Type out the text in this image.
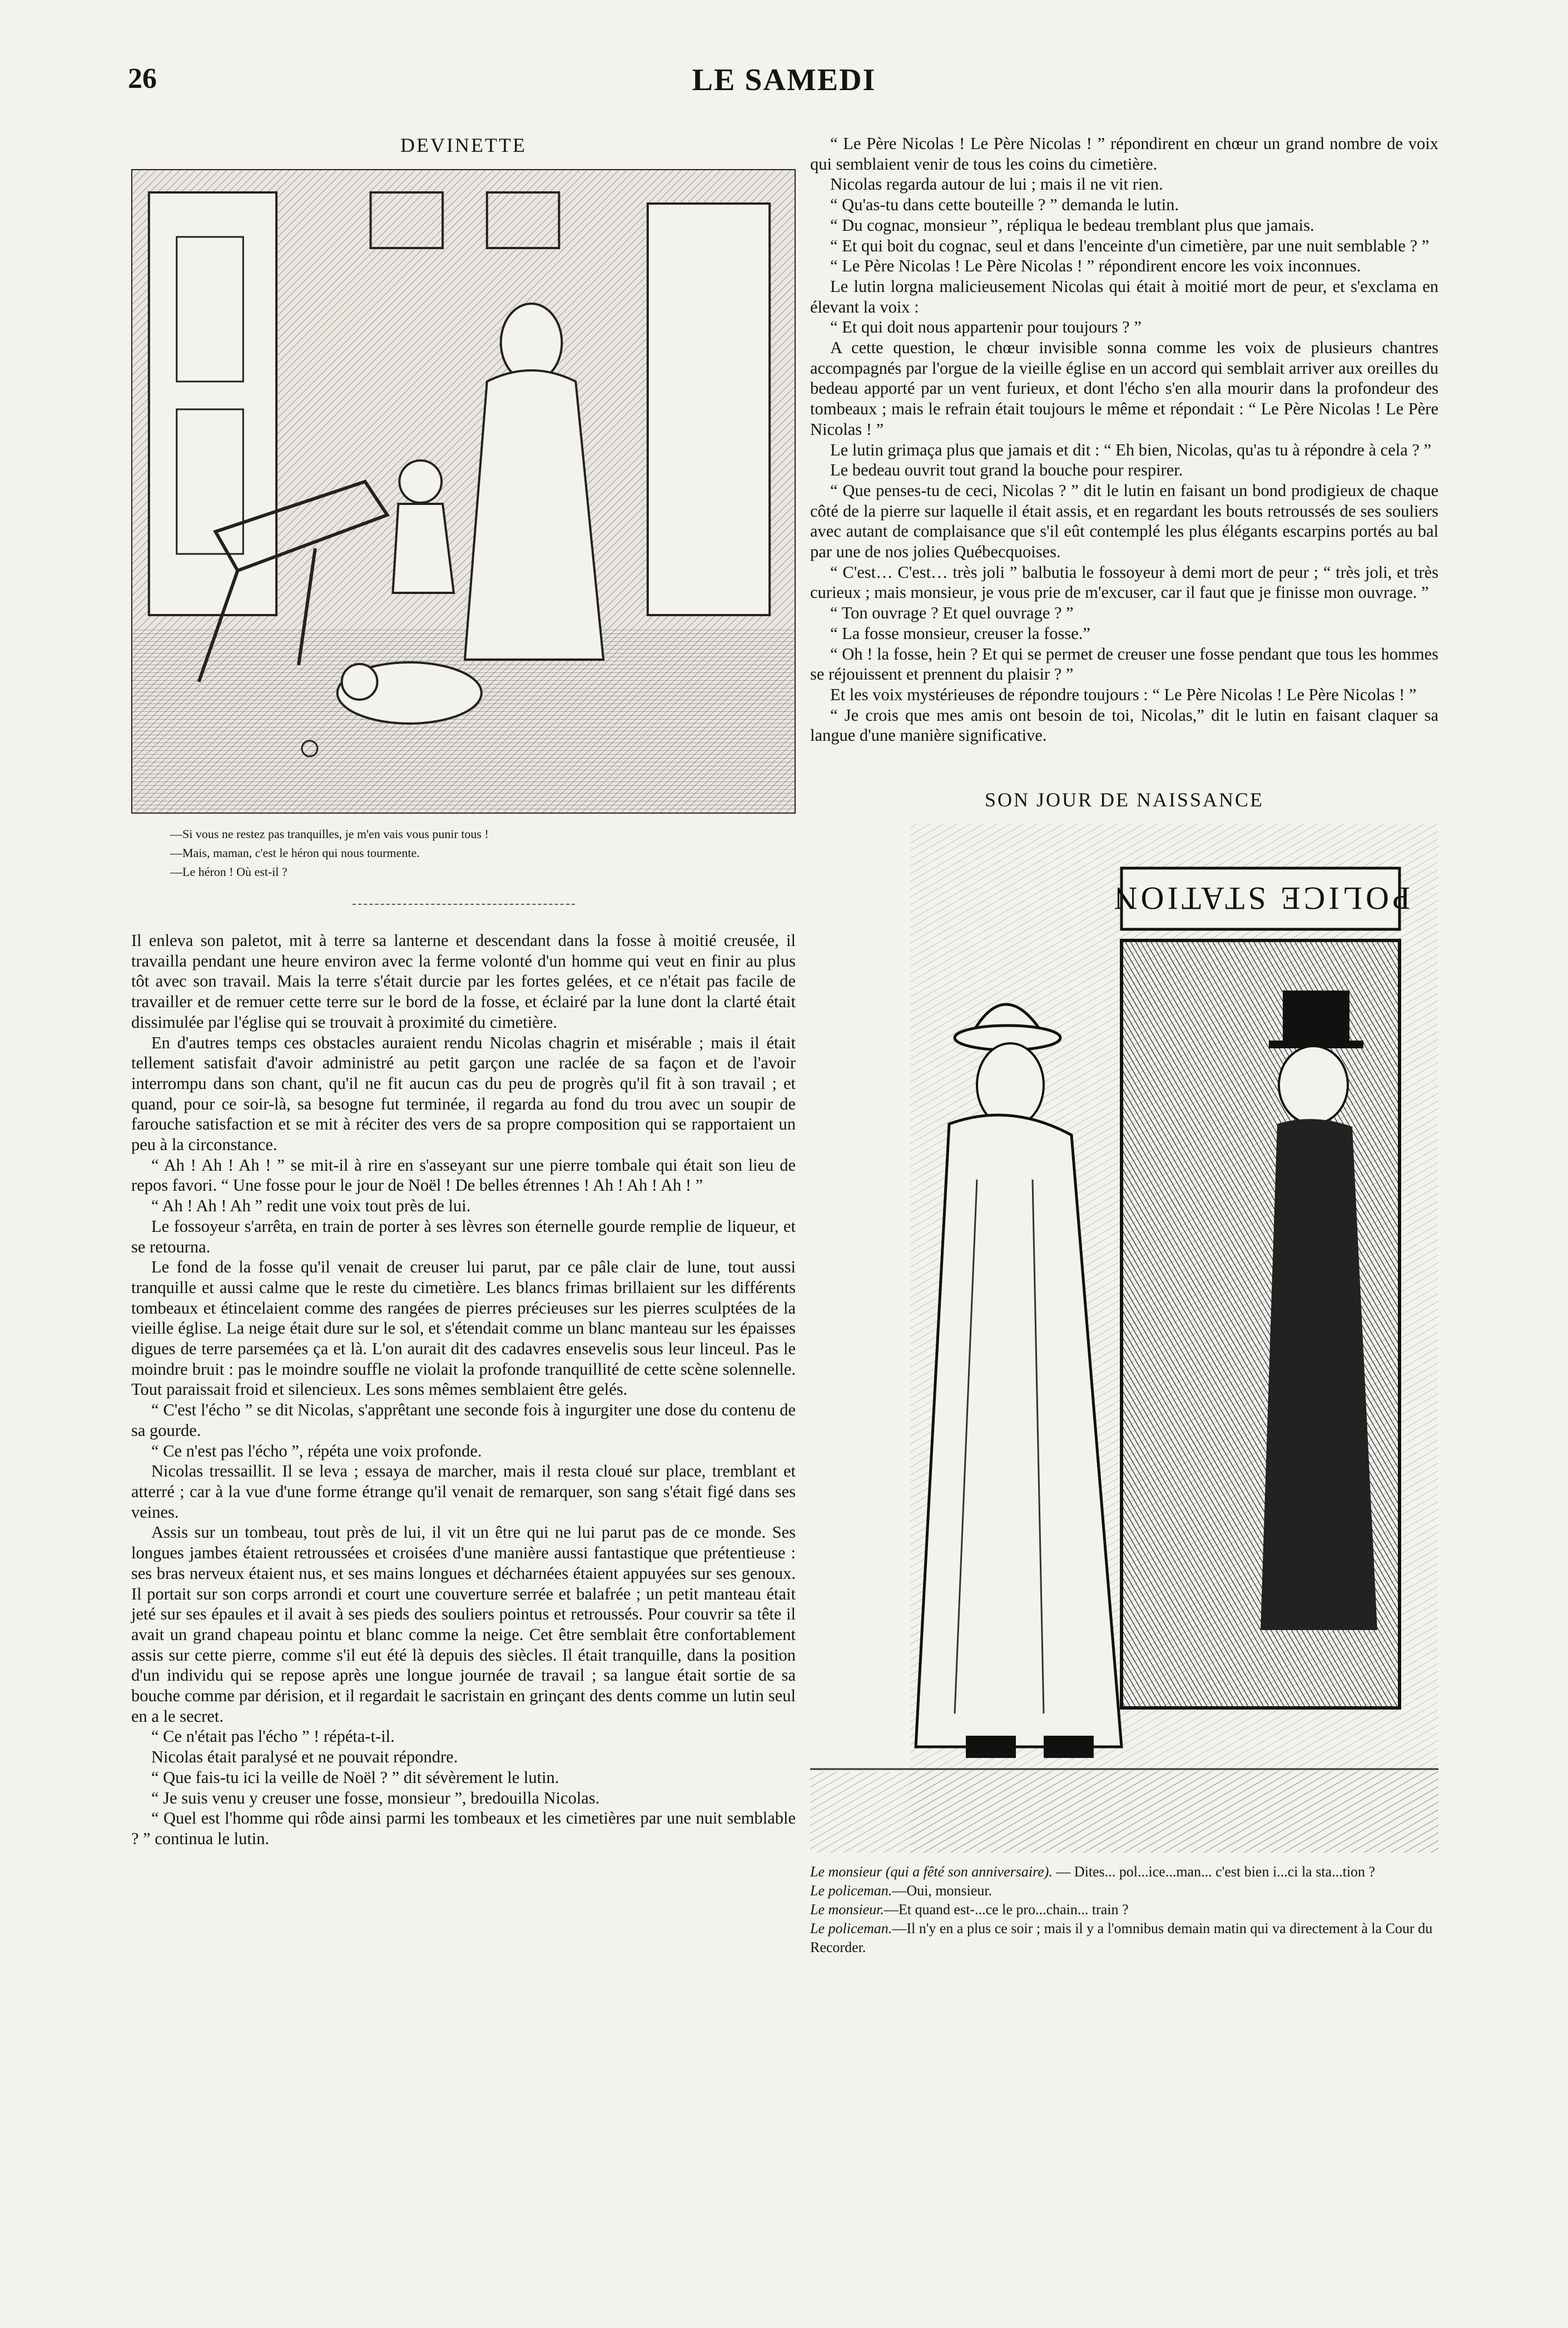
26	LE SAMEDI
DEVINETTE

—Si vous ne restez pas tranquilles, je m'en vais vous punir tous !

—Mais, maman, c'est le héron qui nous tourmente.

—Le héron ! Où est-il ?

Il enleva son paletot, mit à terre sa lanterne et descendant dans la fosse à moitié creusée, il travailla pendant une heure environ avec la ferme volonté d'un homme qui veut en finir au plus tôt avec son travail. Mais la terre s'était durcie par les fortes gelées, et ce n'était pas facile de travailler et de remuer cette terre sur le bord de la fosse, et éclairé par la lune dont la clarté était dissimulée par l'église qui se trouvait à proximité du cimetière.

En d'autres temps ces obstacles auraient rendu Nicolas chagrin et misérable ; mais il était tellement satisfait d'avoir administré au petit garçon une raclée de sa façon et de l'avoir interrompu dans son chant, qu'il ne fit aucun cas du peu de progrès qu'il fit à son travail ; et quand, pour ce soir-là, sa besogne fut terminée, il regarda au fond du trou avec un soupir de farouche satisfaction et se mit à réciter des vers de sa propre composition qui se rapportaient un peu à la circonstance.

“ Ah ! Ah ! Ah ! ” se mit-il à rire en s'asseyant sur une pierre tombale qui était son lieu de repos favori. “ Une fosse pour le jour de Noël ! De belles étrennes ! Ah ! Ah ! Ah ! ”

“ Ah ! Ah ! Ah ” redit une voix tout près de lui.

Le fossoyeur s'arrêta, en train de porter à ses lèvres son éternelle gourde remplie de liqueur, et se retourna.

Le fond de la fosse qu'il venait de creuser lui parut, par ce pâle clair de lune, tout aussi tranquille et aussi calme que le reste du cimetière. Les blancs frimas brillaient sur les différents tombeaux et étincelaient comme des rangées de pierres précieuses sur les pierres sculptées de la vieille église. La neige était dure sur le sol, et s'étendait comme un blanc manteau sur les épaisses digues de terre parsemées ça et là. L'on aurait dit des cadavres ensevelis sous leur linceul. Pas le moindre bruit : pas le moindre souffle ne violait la profonde tranquillité de cette scène solennelle. Tout paraissait froid et silencieux. Les sons mêmes semblaient être gelés.

“ C'est l'écho ” se dit Nicolas, s'apprêtant une seconde fois à ingurgiter une dose du contenu de sa gourde.

“ Ce n'est pas l'écho ”, répéta une voix profonde.

Nicolas tressaillit. Il se leva ; essaya de marcher, mais il resta cloué sur place, tremblant et atterré ; car à la vue d'une forme étrange qu'il venait de remarquer, son sang s'était figé dans ses veines.

Assis sur un tombeau, tout près de lui, il vit un être qui ne lui parut pas de ce monde. Ses longues jambes étaient retroussées et croisées d'une manière aussi fantastique que prétentieuse : ses bras nerveux étaient nus, et ses mains longues et décharnées étaient appuyées sur ses genoux. Il portait sur son corps arrondi et court une couverture serrée et balafrée ; un petit manteau était jeté sur ses épaules et il avait à ses pieds des souliers pointus et retroussés. Pour couvrir sa tête il avait un grand chapeau pointu et blanc comme la neige. Cet être semblait être confortablement assis sur cette pierre, comme s'il eut été là depuis des siècles. Il était tranquille, dans la position d'un individu qui se repose après une longue journée de travail ; sa langue était sortie de sa bouche comme par dérision, et il regardait le sacristain en grinçant des dents comme un lutin seul en a le secret.

“ Ce n'était pas l'écho ” ! répéta-t-il.

Nicolas était paralysé et ne pouvait répondre.

“ Que fais-tu ici la veille de Noël ? ” dit sévèrement le lutin.

“ Je suis venu y creuser une fosse, monsieur ”, bredouilla Nicolas.

“ Quel est l'homme qui rôde ainsi parmi les tombeaux et les cimetières par une nuit semblable ? ” continua le lutin.

“ Le Père Nicolas ! Le Père Nicolas ! ” répondirent en chœur un grand nombre de voix qui semblaient venir de tous les coins du cimetière.

Nicolas regarda autour de lui ; mais il ne vit rien.

“ Qu'as-tu dans cette bouteille ? ” demanda le lutin.

“ Du cognac, monsieur ”, répliqua le bedeau tremblant plus que jamais.

“ Et qui boit du cognac, seul et dans l'enceinte d'un cimetière, par une nuit semblable ? ”

“ Le Père Nicolas ! Le Père Nicolas ! ” répondirent encore les voix inconnues.

Le lutin lorgna malicieusement Nicolas qui était à moitié mort de peur, et s'exclama en élevant la voix :

“ Et qui doit nous appartenir pour toujours ? ”

A cette question, le chœur invisible sonna comme les voix de plusieurs chantres accompagnés par l'orgue de la vieille église en un accord qui semblait arriver aux oreilles du bedeau apporté par un vent furieux, et dont l'écho s'en alla mourir dans la profondeur des tombeaux ; mais le refrain était toujours le même et répondait : “ Le Père Nicolas ! Le Père Nicolas ! ”

Le lutin grimaça plus que jamais et dit : “ Eh bien, Nicolas, qu'as tu à répondre à cela ? ”

Le bedeau ouvrit tout grand la bouche pour respirer.

“ Que penses-tu de ceci, Nicolas ? ” dit le lutin en faisant un bond prodigieux de chaque côté de la pierre sur laquelle il était assis, et en regardant les bouts retroussés de ses souliers avec autant de complaisance que s'il eût contemplé les plus élégants escarpins portés au bal par une de nos jolies Québecquoises.

“ C'est… C'est… très joli ” balbutia le fossoyeur à demi mort de peur ; “ très joli, et très curieux ; mais monsieur, je vous prie de m'excuser, car il faut que je finisse mon ouvrage. ”

“ Ton ouvrage ? Et quel ouvrage ? ”

“ La fosse monsieur, creuser la fosse.”

“ Oh ! la fosse, hein ? Et qui se permet de creuser une fosse pendant que tous les hommes se réjouissent et prennent du plaisir ? ”

Et les voix mystérieuses de répondre toujours : “ Le Père Nicolas ! Le Père Nicolas ! ”

“ Je crois que mes amis ont besoin de toi, Nicolas,” dit le lutin en faisant claquer sa langue d'une manière significative.

SON JOUR DE NAISSANCE
POLICE STATION

Le monsieur (qui a fêté son anniversaire). — Dites... pol...ice...man... c'est bien i...ci la sta...tion ?

Le policeman.—Oui, monsieur.

Le monsieur.—Et quand est-...ce le pro...chain... train ?

Le policeman.—Il n'y en a plus ce soir ; mais il y a l'omnibus demain matin qui va directement à la Cour du Recorder.
